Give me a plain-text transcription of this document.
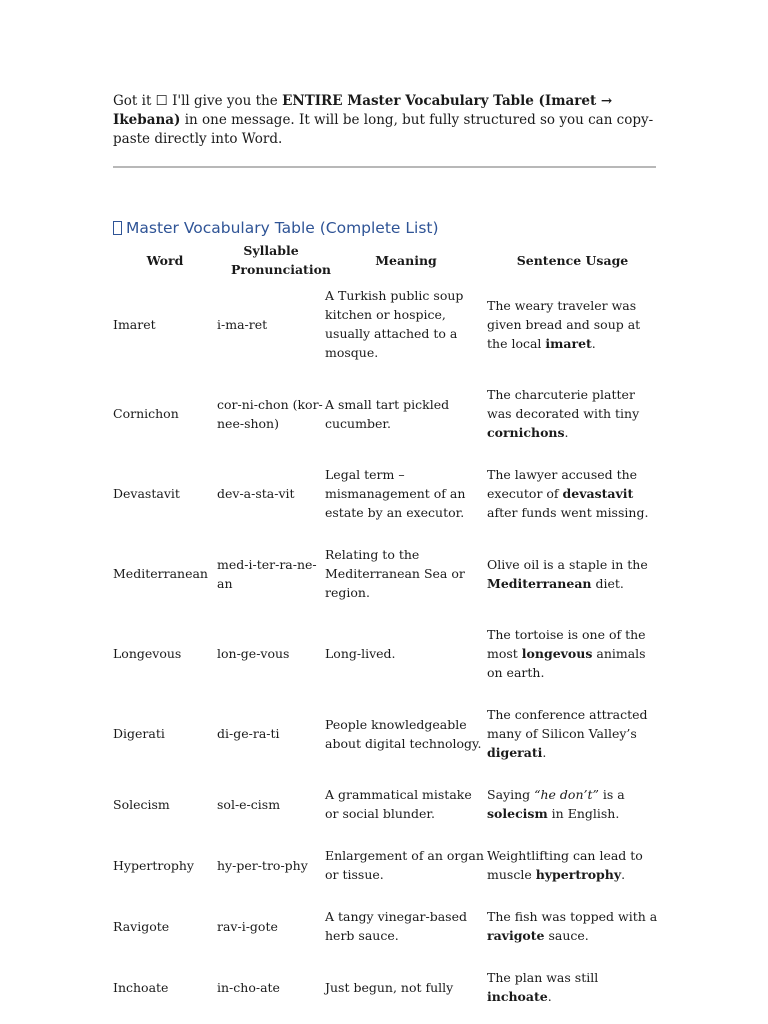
Got it ☐ I'll give you the ENTIRE Master Vocabulary Table (Imaret → Ikebana) in one message. It will be long, but fully structured so you can copy-paste directly into Word.

Master Vocabulary Table (Complete List)
Word	Syllable Pronunciation	Meaning	Sentence Usage
Imaret	i-ma-ret	A Turkish public soup kitchen or hospice, usually attached to a mosque.	The weary traveler was given bread and soup at the local imaret.

Cornichon	cor-ni-chon (kor-nee-shon)	A small tart pickled cucumber.	The charcuterie platter was decorated with tiny cornichons.

Devastavit	dev-a-sta-vit	Legal term – mismanagement of an estate by an executor.	The lawyer accused the executor of devastavit after funds went missing.

Mediterranean	med-i-ter-ra-ne-an	Relating to the Mediterranean Sea or region.	Olive oil is a staple in the Mediterranean diet.

Longevous	lon-ge-vous	Long-lived.	The tortoise is one of the most longevous animals on earth.

Digerati	di-ge-ra-ti	People knowledgeable about digital technology.	The conference attracted many of Silicon Valley’s digerati.

Solecism	sol-e-cism	A grammatical mistake or social blunder.	Saying “he don’t” is a solecism in English.

Hypertrophy	hy-per-tro-phy	Enlargement of an organ or tissue.	Weightlifting can lead to muscle hypertrophy.

Ravigote	rav-i-gote	A tangy vinegar-based herb sauce.	The fish was topped with a ravigote sauce.

Inchoate	in-cho-ate	Just begun, not fully	The plan was still inchoate.
